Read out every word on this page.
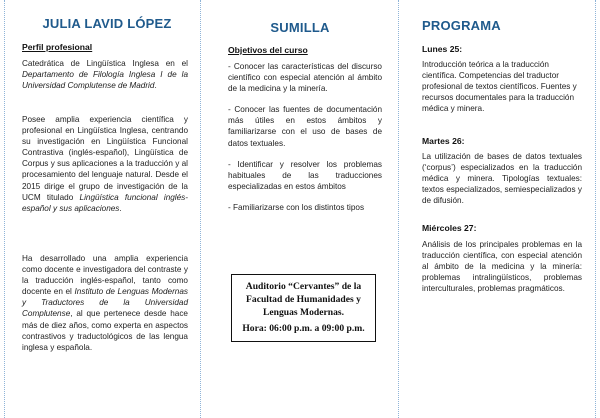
JULIA LAVID LÓPEZ
Perfil profesional

Catedrática de Lingüística Inglesa en el Departamento de Filología Inglesa I de la Universidad Complutense de Madrid.

Posee amplia experiencia científica y profesional en Lingüística Inglesa, centrando su investigación en Lingüística Funcional Contrastiva (inglés-español), Lingüística de Corpus y sus aplicaciones a la traducción y al procesamiento del lenguaje natural. Desde el 2015 dirige el grupo de investigación de la UCM titulado Lingüística funcional inglés-español y sus aplicaciones.

Ha desarrollado una amplia experiencia como docente e investigadora del contraste y la traducción inglés-español, tanto como docente en el Instituto de Lenguas Modernas y Traductores de la Universidad Complutense, al que pertenece desde hace más de diez años, como experta en aspectos contrastivos y traductológicos de las lengua inglesa y española.

SUMILLA
Objetivos del curso

- Conocer las características del discurso científico con especial atención al ámbito de la medicina y la minería.

- Conocer las fuentes de documentación más útiles en estos ámbitos y familiarizarse con el uso de bases de datos textuales.

- Identificar y resolver los problemas habituales de las traducciones especializadas en estos ámbitos

- Familiarizarse con los distintos tipos

Auditorio “Cervantes” de la
Facultad de Humanidades y
Lenguas Modernas.
Hora: 06:00 p.m. a 09:00 p.m.
PROGRAMA
Lunes 25:

Introducción teórica a la traducción científica. Competencias del traductor profesional de textos científicos. Fuentes y recursos documentales para la traducción médica y minera.

Martes 26:

La utilización de bases de datos textuales (‘corpus’) especializados en la traducción médica y minera. Tipologías textuales: textos especializados, semiespecializados y de difusión.

Miércoles 27:

Análisis de los principales problemas en la traducción científica, con especial atención al ámbito de la medicina y la minería: problemas intralingüísticos, problemas interculturales, problemas pragmáticos.
